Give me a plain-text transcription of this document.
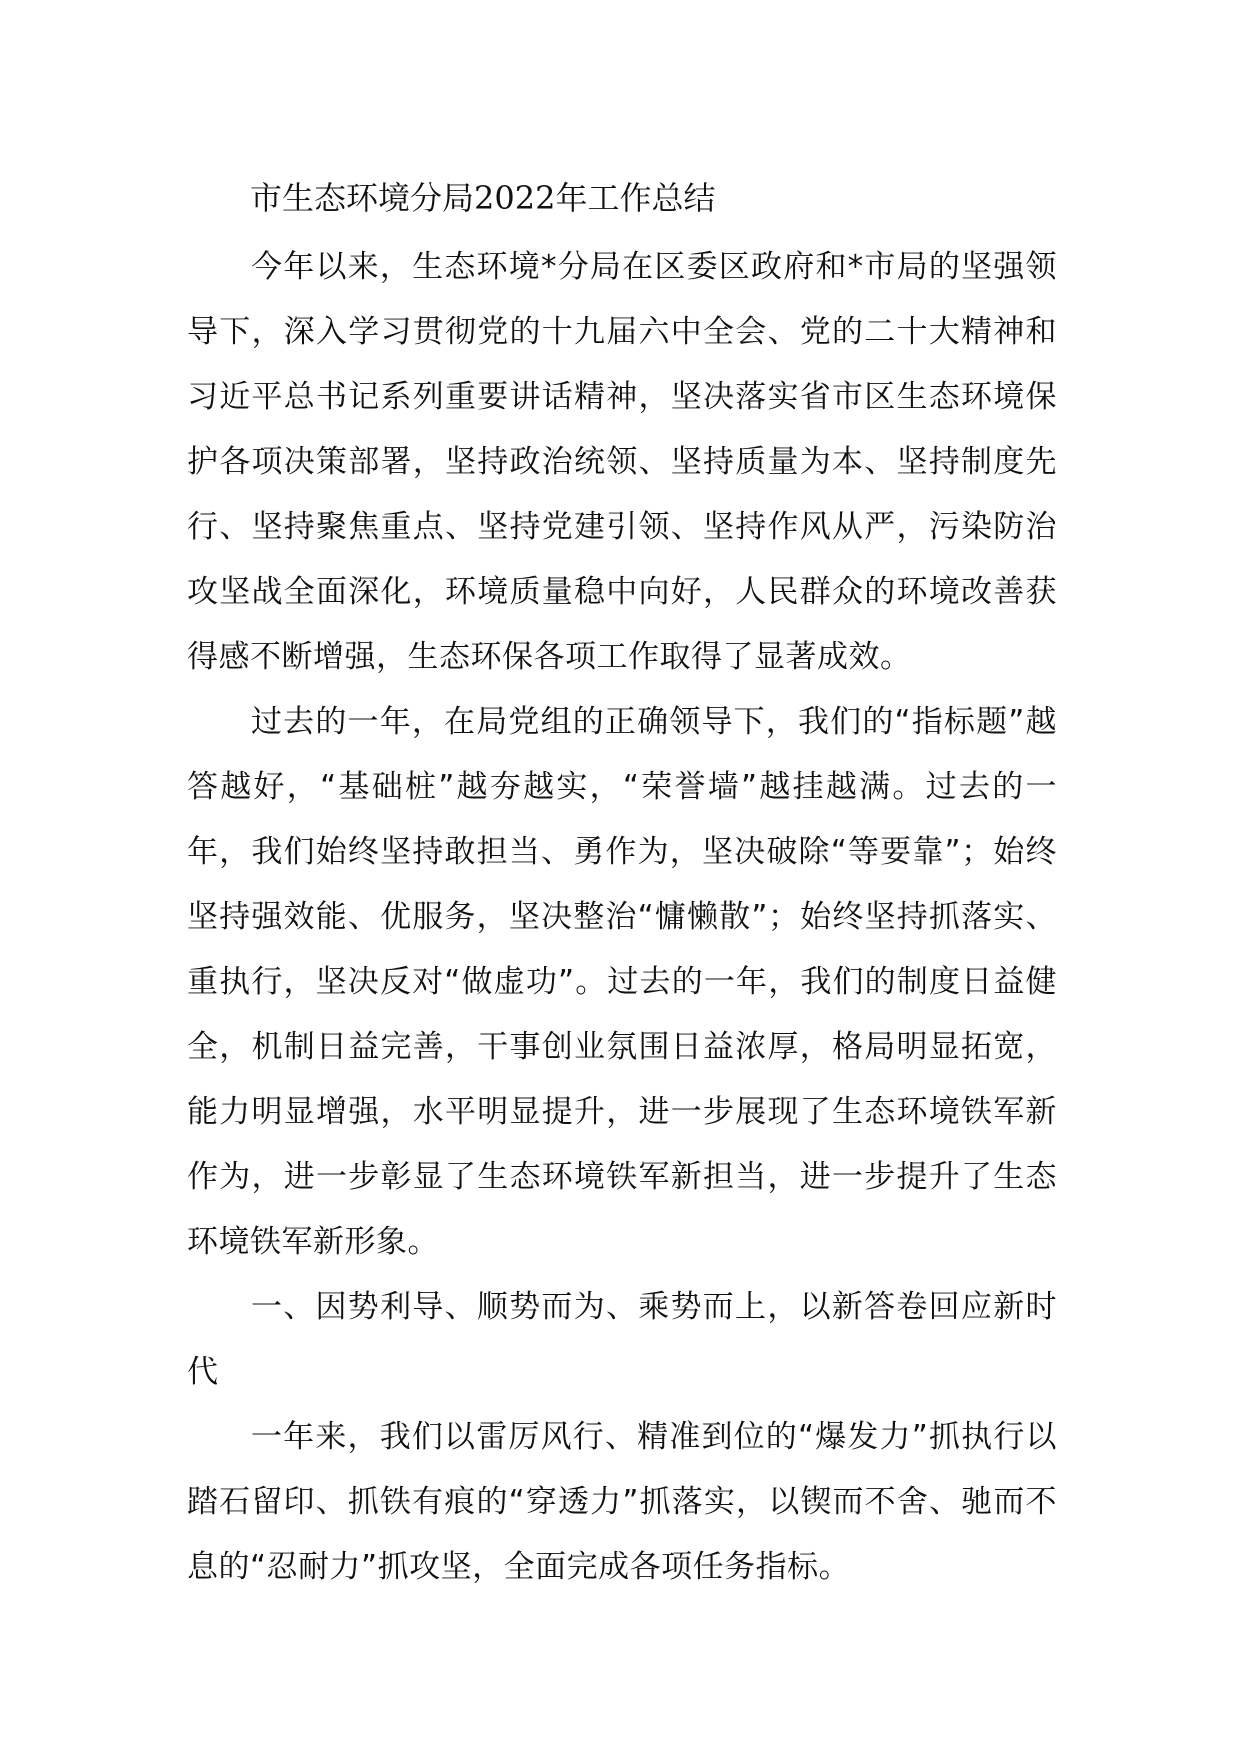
市生态环境分局2022年工作总结

今年以来，生态环境*分局在区委区政府和*市局的坚强领导下，深入学习贯彻党的十九届六中全会、党的二十大精神和习近平总书记系列重要讲话精神，坚决落实省市区生态环境保护各项决策部署，坚持政治统领、坚持质量为本、坚持制度先行、坚持聚焦重点、坚持党建引领、坚持作风从严，污染防治攻坚战全面深化，环境质量稳中向好，人民群众的环境改善获得感不断增强，生态环保各项工作取得了显著成效。

过去的一年，在局党组的正确领导下，我们的“指标题”越答越好，“基础桩”越夯越实，“荣誉墙”越挂越满。过去的一年，我们始终坚持敢担当、勇作为，坚决破除“等要靠”；始终坚持强效能、优服务，坚决整治“慵懒散”；始终坚持抓落实、重执行，坚决反对“做虚功”。过去的一年，我们的制度日益健全，机制日益完善，干事创业氛围日益浓厚，格局明显拓宽，能力明显增强，水平明显提升，进一步展现了生态环境铁军新作为，进一步彰显了生态环境铁军新担当，进一步提升了生态环境铁军新形象。

一、因势利导、顺势而为、乘势而上，以新答卷回应新时代

一年来，我们以雷厉风行、精准到位的“爆发力”抓执行以踏石留印、抓铁有痕的“穿透力”抓落实，以锲而不舍、驰而不息的“忍耐力”抓攻坚，全面完成各项任务指标。
